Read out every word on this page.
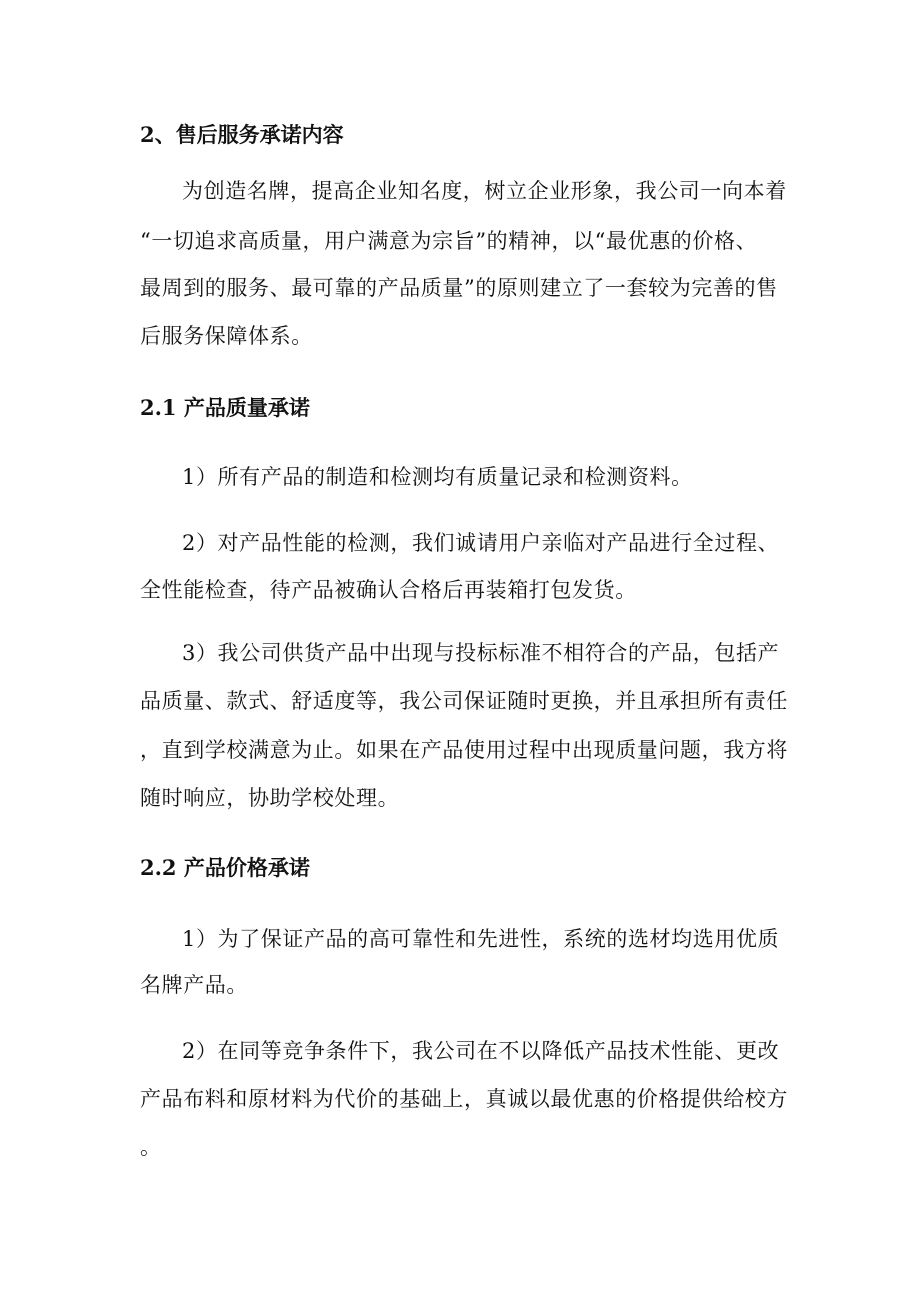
2、售后服务承诺内容
为创造名牌，提高企业知名度，树立企业形象，我公司一向本着
“一切追求高质量，用户满意为宗旨”的精神，以“最优惠的价格、
最周到的服务、最可靠的产品质量”的原则建立了一套较为完善的售
后服务保障体系。
2.1 产品质量承诺
1）所有产品的制造和检测均有质量记录和检测资料。
2）对产品性能的检测，我们诚请用户亲临对产品进行全过程、
全性能检查，待产品被确认合格后再装箱打包发货。
3）我公司供货产品中出现与投标标准不相符合的产品，包括产
品质量、款式、舒适度等，我公司保证随时更换，并且承担所有责任
，直到学校满意为止。如果在产品使用过程中出现质量问题，我方将
随时响应，协助学校处理。
2.2 产品价格承诺
1）为了保证产品的高可靠性和先进性，系统的选材均选用优质
名牌产品。
2）在同等竞争条件下，我公司在不以降低产品技术性能、更改
产品布料和原材料为代价的基础上，真诚以最优惠的价格提供给校方
。
